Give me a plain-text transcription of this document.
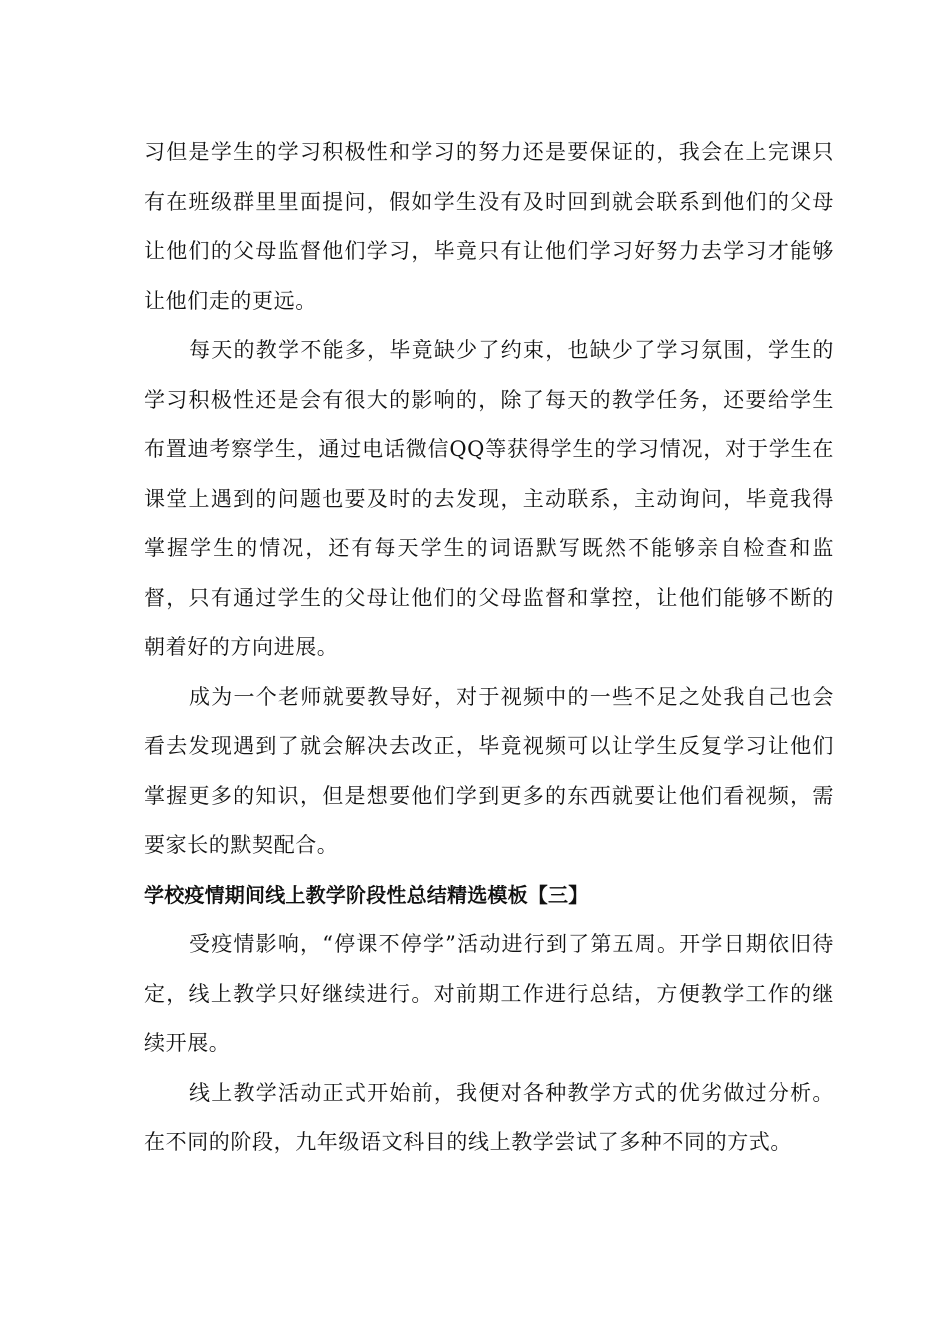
习但是学生的学习积极性和学习的努力还是要保证的，我会在上完课只有在班级群里里面提问，假如学生没有及时回到就会联系到他们的父母让他们的父母监督他们学习，毕竟只有让他们学习好努力去学习才能够让他们走的更远。

每天的教学不能多，毕竟缺少了约束，也缺少了学习氛围，学生的学习积极性还是会有很大的影响的，除了每天的教学任务，还要给学生布置迪考察学生，通过电话微信QQ等获得学生的学习情况，对于学生在课堂上遇到的问题也要及时的去发现，主动联系，主动询问，毕竟我得掌握学生的情况，还有每天学生的词语默写既然不能够亲自检查和监督，只有通过学生的父母让他们的父母监督和掌控，让他们能够不断的朝着好的方向进展。

成为一个老师就要教导好，对于视频中的一些不足之处我自己也会看去发现遇到了就会解决去改正，毕竟视频可以让学生反复学习让他们掌握更多的知识，但是想要他们学到更多的东西就要让他们看视频，需要家长的默契配合。

学校疫情期间线上教学阶段性总结精选模板【三】

受疫情影响，“停课不停学”活动进行到了第五周。开学日期依旧待定，线上教学只好继续进行。对前期工作进行总结，方便教学工作的继续开展。

线上教学活动正式开始前，我便对各种教学方式的优劣做过分析。在不同的阶段，九年级语文科目的线上教学尝试了多种不同的方式。
